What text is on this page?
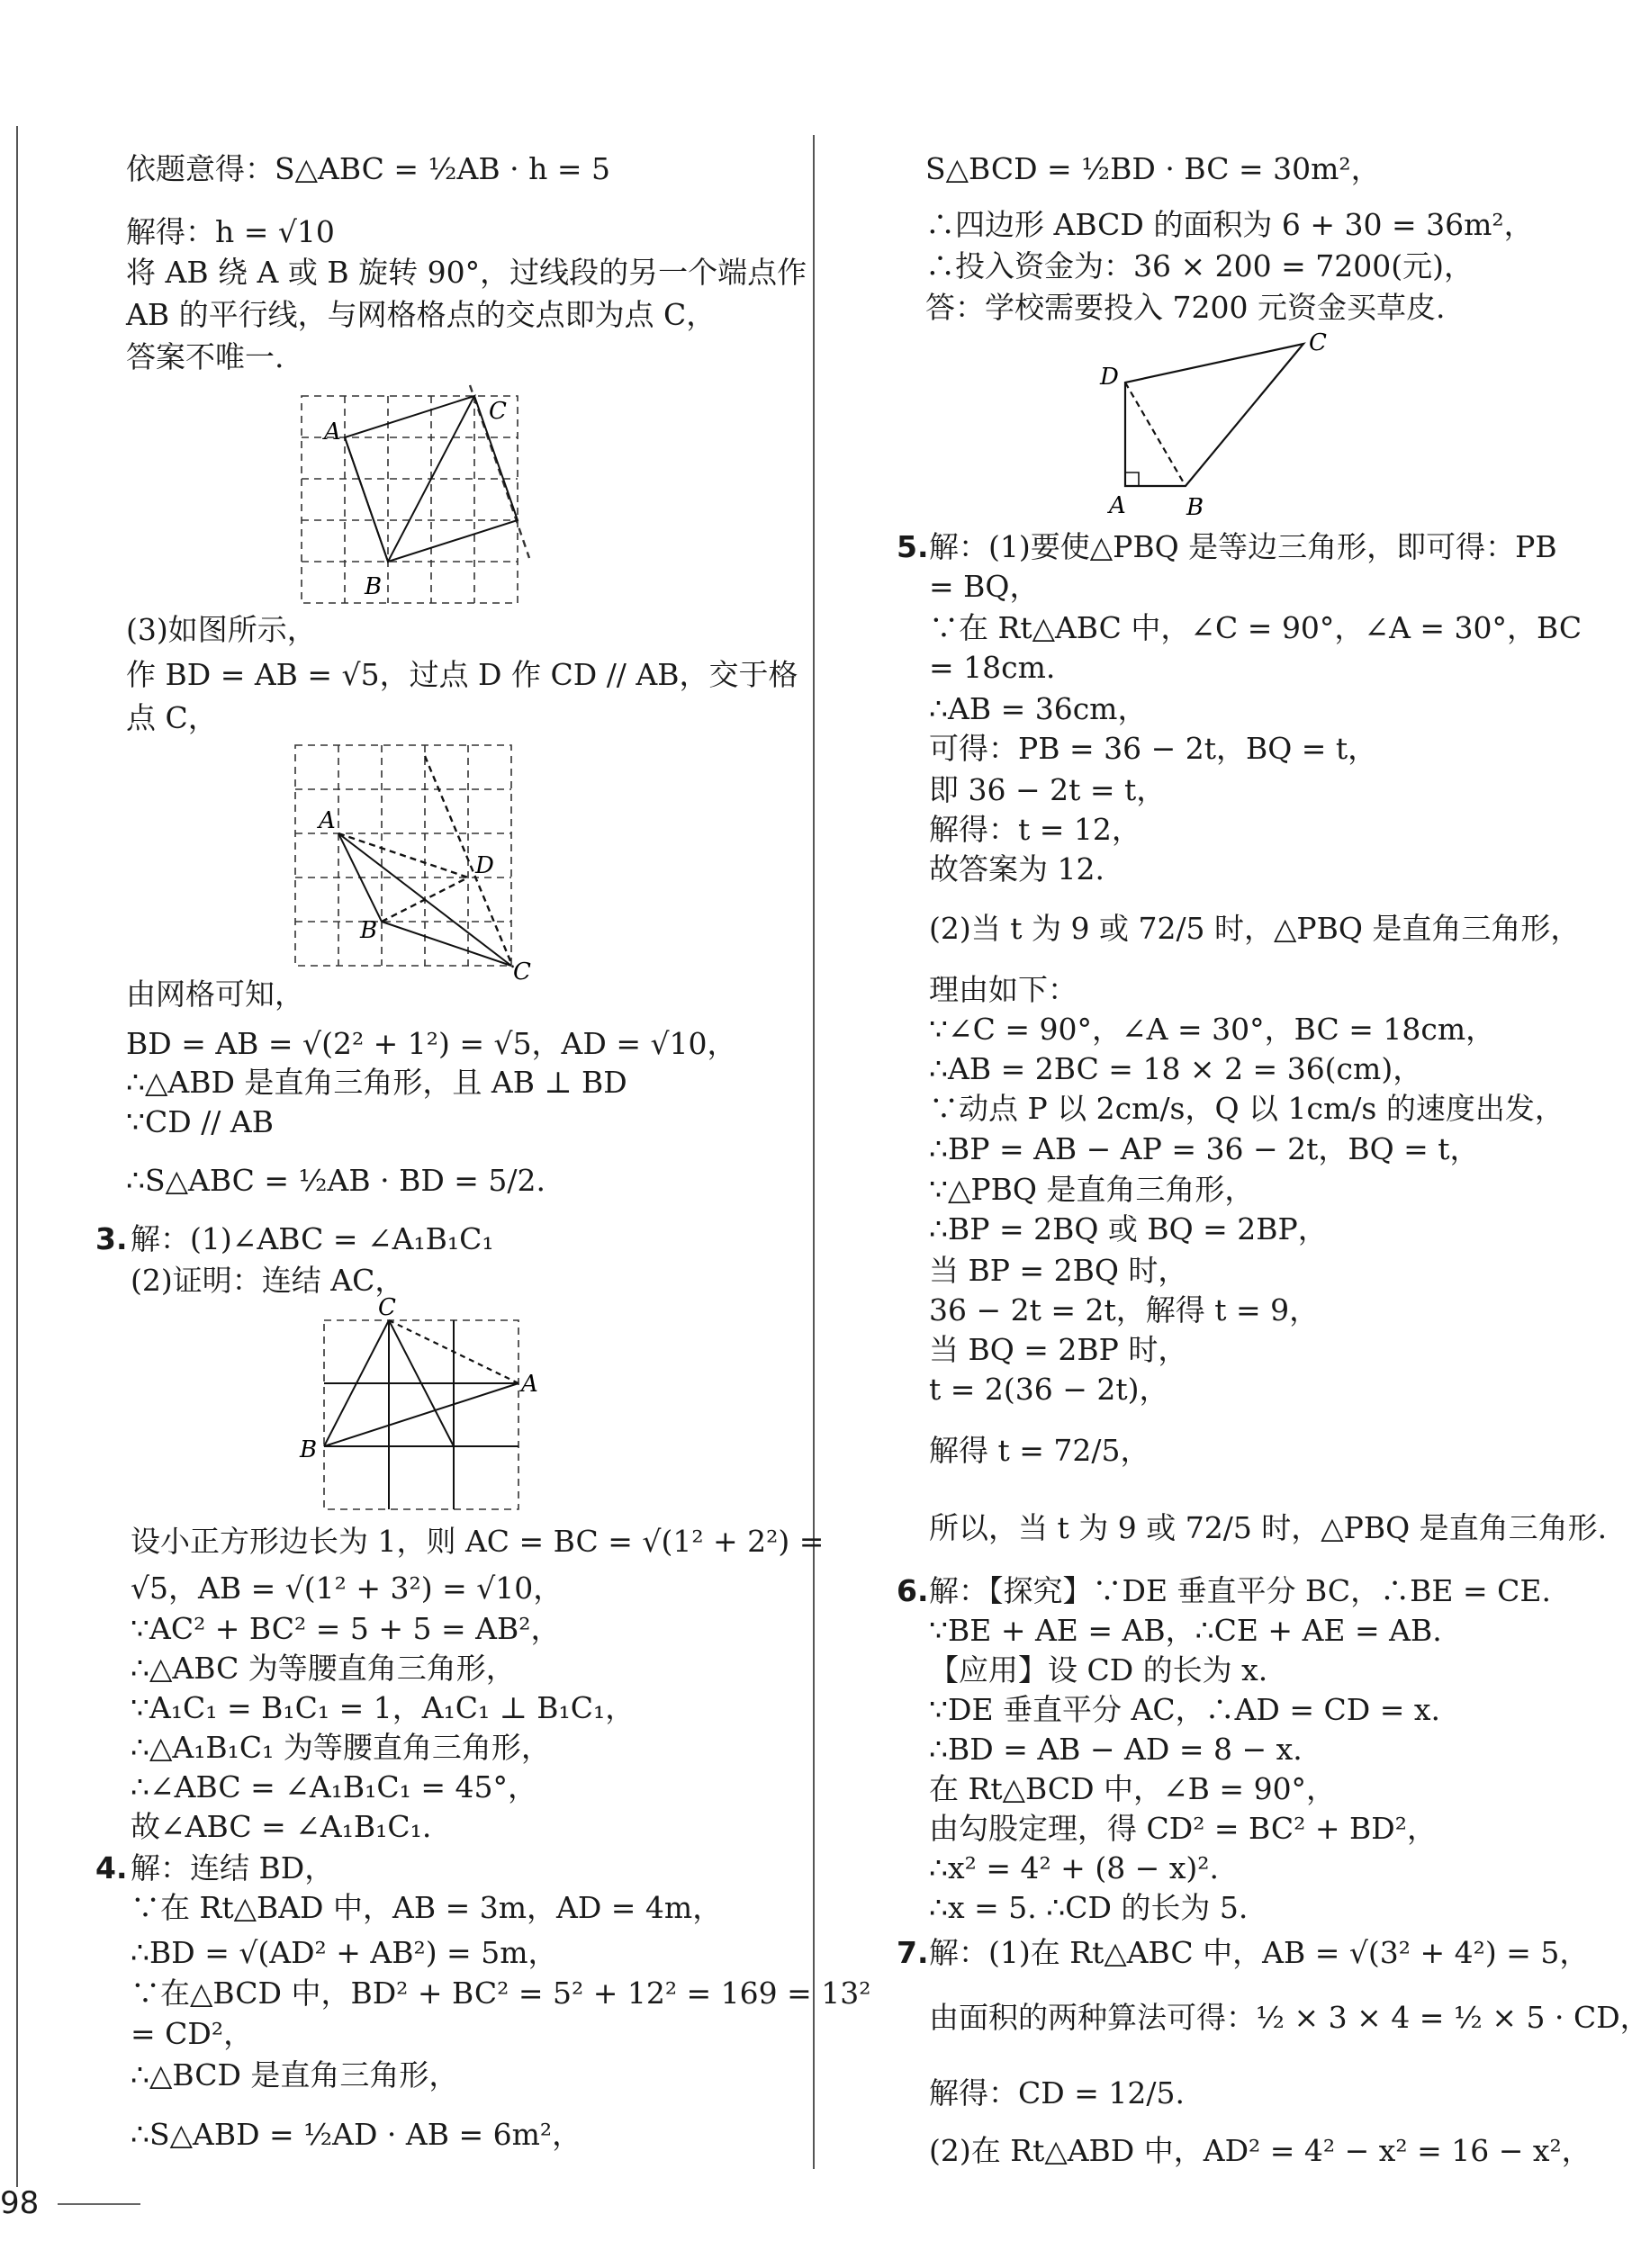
依题意得：S△ABC = ½AB · h = 5
解得：h = √10
将 AB 绕 A 或 B 旋转 90°，过线段的另一个端点作
AB 的平行线，与网格格点的交点即为点 C，
答案不唯一.
A
B
C
(3)如图所示，
作 BD = AB = √5，过点 D 作 CD // AB，交于格
点 C，
A
B
C
D
由网格可知，
BD = AB = √(2² + 1²) = √5，AD = √10，
∴△ABD 是直角三角形，且 AB ⊥ BD
∵CD // AB
∴S△ABC = ½AB · BD = 5/2.
3. 解：(1)∠ABC = ∠A₁B₁C₁
(2)证明：连结 AC，
C
A
B
设小正方形边长为 1，则 AC = BC = √(1² + 2²) =
√5，AB = √(1² + 3²) = √10，
∵AC² + BC² = 5 + 5 = AB²，
∴△ABC 为等腰直角三角形，
∵A₁C₁ = B₁C₁ = 1，A₁C₁ ⊥ B₁C₁，
∴△A₁B₁C₁ 为等腰直角三角形，
∴∠ABC = ∠A₁B₁C₁ = 45°，
故∠ABC = ∠A₁B₁C₁.
4. 解：连结 BD，
∵在 Rt△BAD 中，AB = 3m，AD = 4m，
∴BD = √(AD² + AB²) = 5m，
∵在△BCD 中，BD² + BC² = 5² + 12² = 169 = 13²
= CD²，
∴△BCD 是直角三角形，
∴S△ABD = ½AD · AB = 6m²，
S△BCD = ½BD · BC = 30m²，
∴四边形 ABCD 的面积为 6 + 30 = 36m²，
∴投入资金为：36 × 200 = 7200(元)，
答：学校需要投入 7200 元资金买草皮.
D
C
A	B
5. 解：(1)要使△PBQ 是等边三角形，即可得：PB
= BQ，
∵在 Rt△ABC 中，∠C = 90°，∠A = 30°，BC
= 18cm.
∴AB = 36cm，
可得：PB = 36 − 2t，BQ = t，
即 36 − 2t = t，
解得：t = 12，
故答案为 12.
(2)当 t 为 9 或 72/5 时，△PBQ 是直角三角形，
理由如下：
∵∠C = 90°，∠A = 30°，BC = 18cm，
∴AB = 2BC = 18 × 2 = 36(cm)，
∵动点 P 以 2cm/s，Q 以 1cm/s 的速度出发，
∴BP = AB − AP = 36 − 2t，BQ = t，
∵△PBQ 是直角三角形，
∴BP = 2BQ 或 BQ = 2BP，
当 BP = 2BQ 时，
36 − 2t = 2t，解得 t = 9，
当 BQ = 2BP 时，
t = 2(36 − 2t)，
解得 t = 72/5，
所以，当 t 为 9 或 72/5 时，△PBQ 是直角三角形.
6. 解：【探究】∵DE 垂直平分 BC，∴BE = CE.
∵BE + AE = AB，∴CE + AE = AB.
【应用】设 CD 的长为 x.
∵DE 垂直平分 AC，∴AD = CD = x.
∴BD = AB − AD = 8 − x.
在 Rt△BCD 中，∠B = 90°，
由勾股定理，得 CD² = BC² + BD²，
∴x² = 4² + (8 − x)².
∴x = 5. ∴CD 的长为 5.
7. 解：(1)在 Rt△ABC 中，AB = √(3² + 4²) = 5，
由面积的两种算法可得：½ × 3 × 4 = ½ × 5 · CD，
解得：CD = 12/5.
(2)在 Rt△ABD 中，AD² = 4² − x² = 16 − x²，
98
